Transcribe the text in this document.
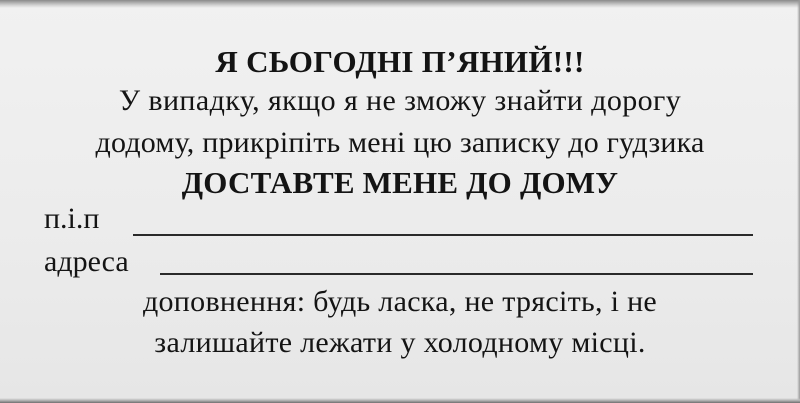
Я СЬОГОДНІ П’ЯНИЙ!!!
У випадку, якщо я не зможу знайти дорогу
додому, прикріпіть мені цю записку до гудзика
ДОСТАВТЕ МЕНЕ ДО ДОМУ
п.і.п
адреса
доповнення: будь ласка, не трясіть, і не
залишайте лежати у холодному місці.
